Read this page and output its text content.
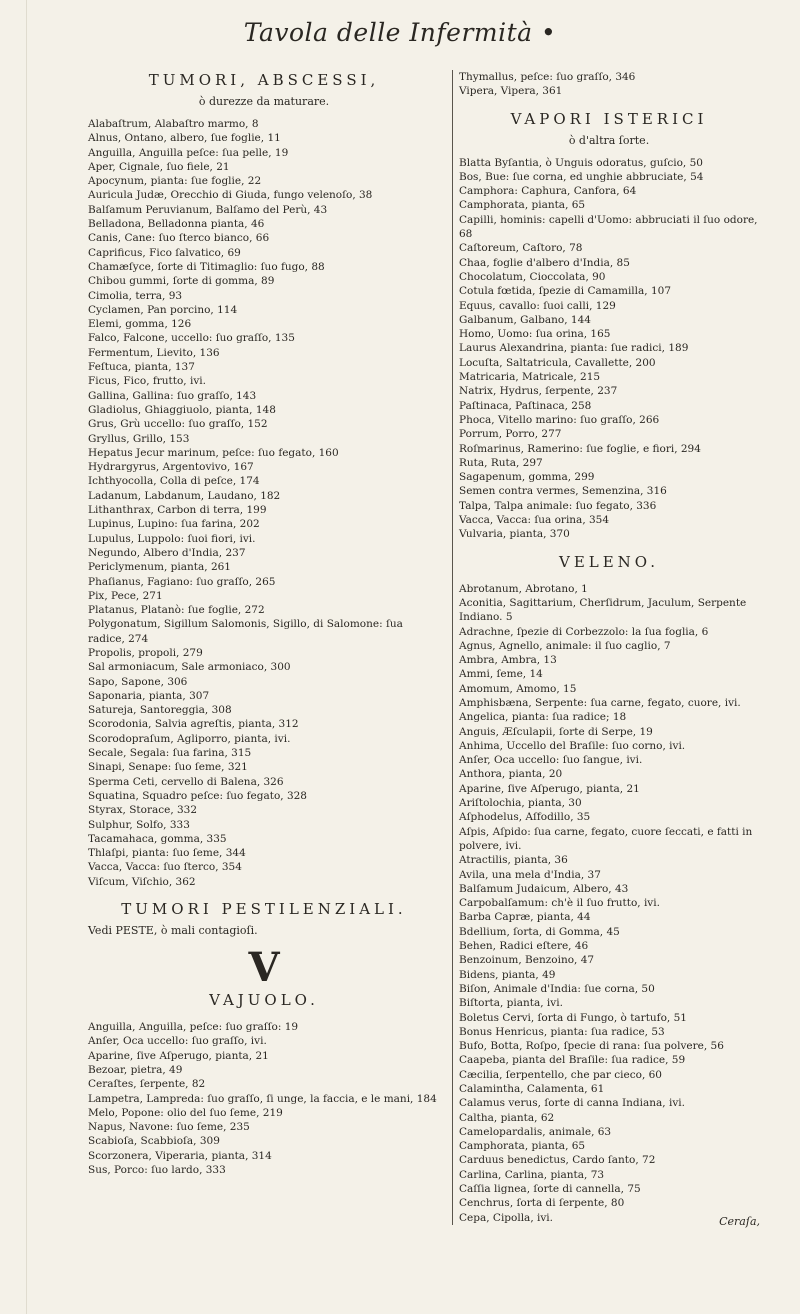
Tavola delle Infermità •
TUMORI, ABSCESSI,
ò durezze da maturare.
Alabaſtrum, Alabaſtro marmo, 8
Alnus, Ontano, albero, ſue foglie, 11
Anguilla, Anguilla peſce: ſua pelle, 19
Aper, Cignale, ſuo fiele, 21
Apocynum, pianta: ſue foglie, 22
Auricula Judæ, Orecchio di Giuda, fungo velenoſo, 38
Balſamum Peruvianum, Balſamo del Perù, 43
Belladona, Belladonna pianta, 46
Canis, Cane: ſuo ſterco bianco, 66
Caprificus, Fico ſalvatico, 69
Chamæſyce, ſorte di Titimaglio: ſuo fugo, 88
Chibou gummi, ſorte di gomma, 89
Cimolia, terra, 93
Cyclamen, Pan porcino, 114
Elemi, gomma, 126
Falco, Falcone, uccello: ſuo graſſo, 135
Fermentum, Lievito, 136
Feſtuca, pianta, 137
Ficus, Fico, frutto, ivi.
Gallina, Gallina: ſuo graſſo, 143
Gladiolus, Ghiaggiuolo, pianta, 148
Grus, Grù uccello: ſuo graſſo, 152
Gryllus, Grillo, 153
Hepatus Jecur marinum, peſce: ſuo fegato, 160
Hydrargyrus, Argentovivo, 167
Ichthyocolla, Colla di peſce, 174
Ladanum, Labdanum, Laudano, 182
Lithanthrax, Carbon di terra, 199
Lupinus, Lupino: ſua farina, 202
Lupulus, Luppolo: ſuoi fiori, ivi.
Negundo, Albero d'India, 237
Periclymenum, pianta, 261
Phaſianus, Fagiano: ſuo graſſo, 265
Pix, Pece, 271
Platanus, Platanò: ſue foglie, 272
Polygonatum, Sigillum Salomonis, Sigillo, di Salomone: ſua radice, 274
Propolis, propoli, 279
Sal armoniacum, Sale armoniaco, 300
Sapo, Sapone, 306
Saponaria, pianta, 307
Satureja, Santoreggia, 308
Scorodonia, Salvia agreſtis, pianta, 312
Scorodopraſum, Agliporro, pianta, ivi.
Secale, Segala: ſua farina, 315
Sinapi, Senape: ſuo ſeme, 321
Sperma Ceti, cervello di Balena, 326
Squatina, Squadro peſce: ſuo fegato, 328
Styrax, Storace, 332
Sulphur, Solfo, 333
Tacamahaca, gomma, 335
Thlaſpi, pianta: ſuo ſeme, 344
Vacca, Vacca: ſuo ſterco, 354
Viſcum, Viſchio, 362
TUMORI PESTILENZIALI.
Vedi PESTE, ò mali contagioſi.
V
VAJUOLO.
Anguilla, Anguilla, peſce: ſuo graſſo: 19
Anſer, Oca uccello: ſuo graſſo, ivi.
Aparine, ſive Aſperugo, pianta, 21
Bezoar, pietra, 49
Ceraſtes, ſerpente, 82
Lampetra, Lampreda: ſuo graſſo, ſi unge, la faccia, e le mani, 184
Melo, Popone: olio del ſuo ſeme, 219
Napus, Navone: ſuo ſeme, 235
Scabioſa, Scabbioſa, 309
Scorzonera, Viperaria, pianta, 314
Sus, Porco: ſuo lardo, 333
Thymallus, peſce: ſuo graſſo, 346
Vipera, Vipera, 361
VAPORI ISTERICI
ò d'altra ſorte.
Blatta Byſantia, ò Unguis odoratus, guſcio, 50
Bos, Bue: ſue corna, ed unghie abbruciate, 54
Camphora: Caphura, Canfora, 64
Camphorata, pianta, 65
Capilli, hominis: capelli d'Uomo: abbruciati il ſuo odore, 68
Caſtoreum, Caſtoro, 78
Chaa, foglie d'albero d'India, 85
Chocolatum, Cioccolata, 90
Cotula fœtida, ſpezie di Camamilla, 107
Equus, cavallo: ſuoi calli, 129
Galbanum, Galbano, 144
Homo, Uomo: ſua orina, 165
Laurus Alexandrina, pianta: ſue radici, 189
Locuſta, Saltatricula, Cavallette, 200
Matricaria, Matricale, 215
Natrix, Hydrus, ſerpente, 237
Paſtinaca, Paſtinaca, 258
Phoca, Vitello marino: ſuo graſſo, 266
Porrum, Porro, 277
Roſmarinus, Ramerino: ſue foglie, e fiori, 294
Ruta, Ruta, 297
Sagapenum, gomma, 299
Semen contra vermes, Semenzina, 316
Talpa, Talpa animale: ſuo fegato, 336
Vacca, Vacca: ſua orina, 354
Vulvaria, pianta, 370
VELENO.
Abrotanum, Abrotano, 1
Aconitia, Sagittarium, Cherſidrum, Jaculum, Serpente Indiano. 5
Adrachne, ſpezie di Corbezzolo: la ſua foglia, 6
Agnus, Agnello, animale: il ſuo caglio, 7
Ambra, Ambra, 13
Ammi, ſeme, 14
Amomum, Amomo, 15
Amphisbæna, Serpente: ſua carne, fegato, cuore, ivi.
Angelica, pianta: ſua radice; 18
Anguis, Æſculapii, ſorte di Serpe, 19
Anhima, Uccello del Braſile: ſuo corno, ivi.
Anſer, Oca uccello: ſuo ſangue, ivi.
Anthora, pianta, 20
Aparine, ſive Aſperugo, pianta, 21
Ariſtolochia, pianta, 30
Aſphodelus, Aſfodillo, 35
Aſpis, Aſpido: ſua carne, fegato, cuore ſeccati, e fatti in polvere, ivi.
Atractilis, pianta, 36
Avila, una mela d'India, 37
Balſamum Judaicum, Albero, 43
Carpobalſamum: ch'è il ſuo frutto, ivi.
Barba Capræ, pianta, 44
Bdellium, ſorta, di Gomma, 45
Behen, Radici eſtere, 46
Benzoinum, Benzoino, 47
Bidens, pianta, 49
Biſon, Animale d'India: ſue corna, 50
Biſtorta, pianta, ivi.
Boletus Cervi, ſorta di Fungo, ò tartufo, 51
Bonus Henricus, pianta: ſua radice, 53
Bufo, Botta, Roſpo, ſpecie di rana: ſua polvere, 56
Caapeba, pianta del Braſile: ſua radice, 59
Cæcilia, ſerpentello, che par cieco, 60
Calaminthа, Calamenta, 61
Calamus verus, ſorte di canna Indiana, ivi.
Caltha, pianta, 62
Camelopardalis, animale, 63
Camphorata, pianta, 65
Carduus benedictus, Cardo ſanto, 72
Carlina, Carlina, pianta, 73
Caſſia lignea, ſorte di cannella, 75
Cenchrus, ſorta di ſerpente, 80
Cepa, Cipolla, ivi.	Ceraſa,
